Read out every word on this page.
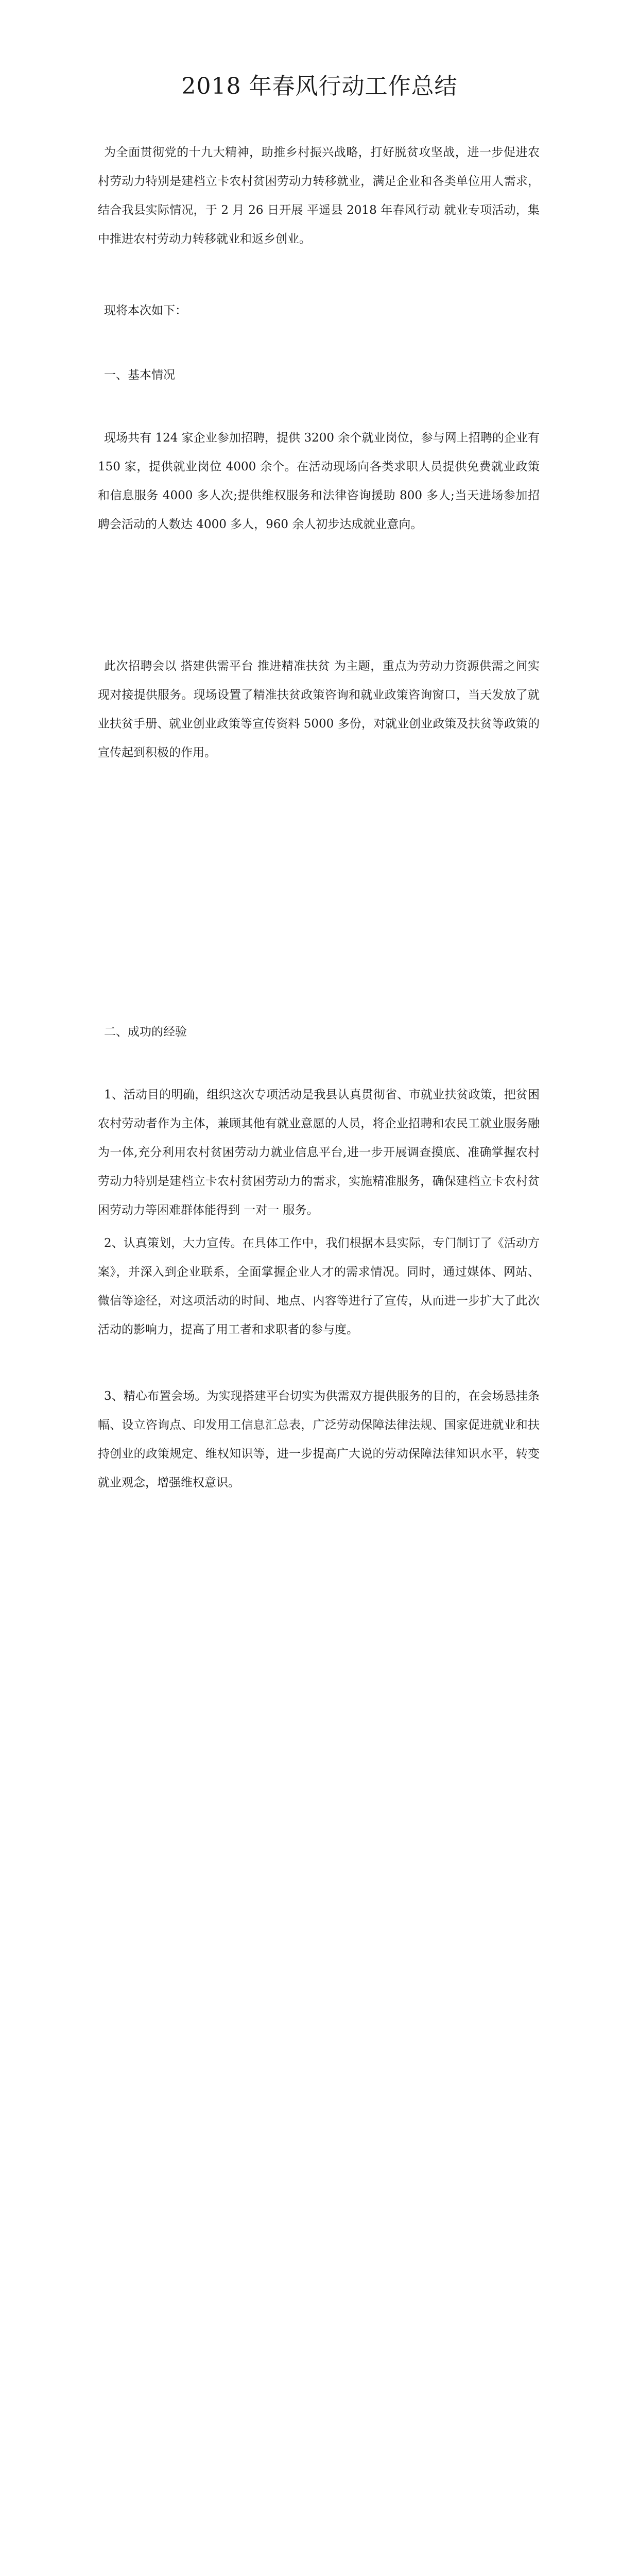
2018 年春风行动工作总结

为全面贯彻党的十九大精神，助推乡村振兴战略，打好脱贫攻坚战，进一步促进农村劳动力特别是建档立卡农村贫困劳动力转移就业，满足企业和各类单位用人需求，结合我县实际情况，于 2 月 26 日开展 平遥县 2018 年春风行动 就业专项活动，集中推进农村劳动力转移就业和返乡创业。

现将本次如下：

一、基本情况

现场共有 124 家企业参加招聘，提供 3200 余个就业岗位，参与网上招聘的企业有 150 家，提供就业岗位 4000 余个。在活动现场向各类求职人员提供免费就业政策和信息服务 4000 多人次;提供维权服务和法律咨询援助 800 多人;当天进场参加招聘会活动的人数达 4000 多人，960 余人初步达成就业意向。

此次招聘会以 搭建供需平台 推进精准扶贫 为主题，重点为劳动力资源供需之间实现对接提供服务。现场设置了精准扶贫政策咨询和就业政策咨询窗口，当天发放了就业扶贫手册、就业创业政策等宣传资料 5000 多份，对就业创业政策及扶贫等政策的宣传起到积极的作用。

二、成功的经验

1、活动目的明确，组织这次专项活动是我县认真贯彻省、市就业扶贫政策，把贫困农村劳动者作为主体，兼顾其他有就业意愿的人员，将企业招聘和农民工就业服务融为一体,充分利用农村贫困劳动力就业信息平台,进一步开展调查摸底、准确掌握农村劳动力特别是建档立卡农村贫困劳动力的需求，实施精准服务，确保建档立卡农村贫困劳动力等困难群体能得到 一对一 服务。

2、认真策划，大力宣传。在具体工作中，我们根据本县实际，专门制订了《活动方案》，并深入到企业联系，全面掌握企业人才的需求情况。同时，通过媒体、网站、微信等途径，对这项活动的时间、地点、内容等进行了宣传，从而进一步扩大了此次活动的影响力，提高了用工者和求职者的参与度。

3、精心布置会场。为实现搭建平台切实为供需双方提供服务的目的，在会场悬挂条幅、设立咨询点、印发用工信息汇总表，广泛劳动保障法律法规、国家促进就业和扶持创业的政策规定、维权知识等，进一步提高广大说的劳动保障法律知识水平，转变就业观念，增强维权意识。
